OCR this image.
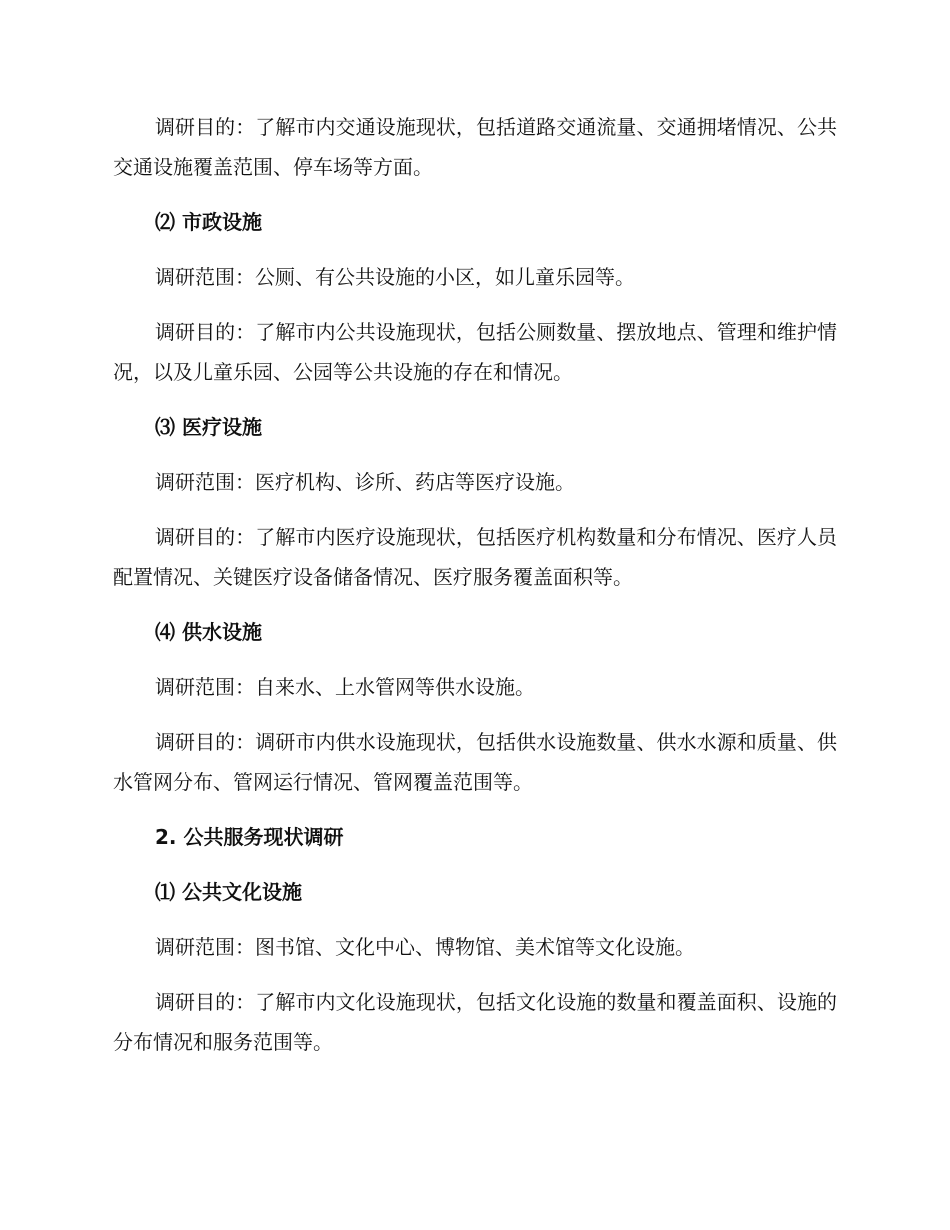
调研目的：了解市内交通设施现状，包括道路交通流量、交通拥堵情况、公共交通设施覆盖范围、停车场等方面。

⑵ 市政设施

调研范围：公厕、有公共设施的小区，如儿童乐园等。

调研目的：了解市内公共设施现状，包括公厕数量、摆放地点、管理和维护情况，以及儿童乐园、公园等公共设施的存在和情况。

⑶ 医疗设施

调研范围：医疗机构、诊所、药店等医疗设施。

调研目的：了解市内医疗设施现状，包括医疗机构数量和分布情况、医疗人员配置情况、关键医疗设备储备情况、医疗服务覆盖面积等。

⑷ 供水设施

调研范围：自来水、上水管网等供水设施。

调研目的：调研市内供水设施现状，包括供水设施数量、供水水源和质量、供水管网分布、管网运行情况、管网覆盖范围等。

2. 公共服务现状调研

⑴ 公共文化设施

调研范围：图书馆、文化中心、博物馆、美术馆等文化设施。

调研目的：了解市内文化设施现状，包括文化设施的数量和覆盖面积、设施的分布情况和服务范围等。
